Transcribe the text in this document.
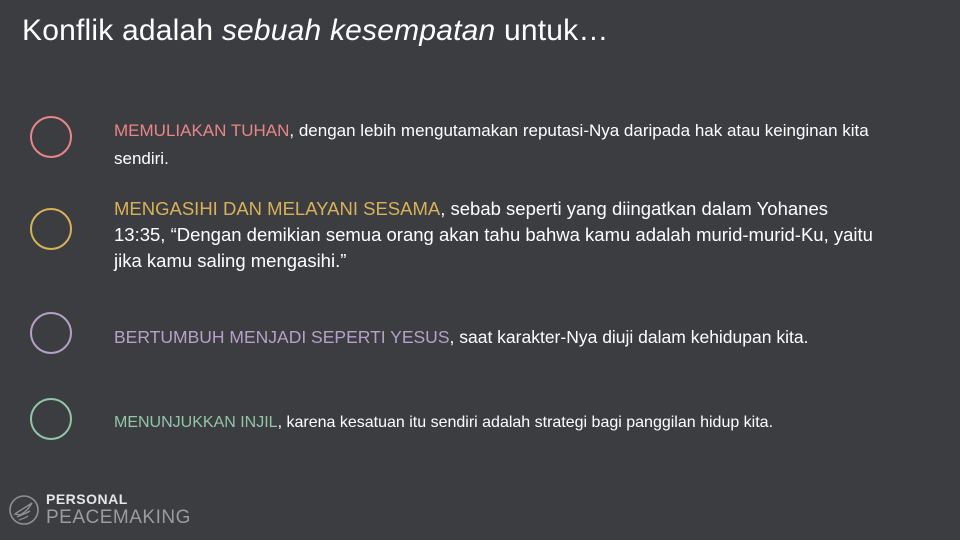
Konflik adalah sebuah kesempatan untuk…
MEMULIAKAN TUHAN, dengan lebih mengutamakan reputasi-Nya daripada hak atau keinginan kita sendiri.
MENGASIHI DAN MELAYANI SESAMA, sebab seperti yang diingatkan dalam Yohanes 13:35, “Dengan demikian semua orang akan tahu bahwa kamu adalah murid-murid-Ku, yaitu jika kamu saling mengasihi.”
BERTUMBUH MENJADI SEPERTI YESUS, saat karakter-Nya diuji dalam kehidupan kita.
MENUNJUKKAN INJIL, karena kesatuan itu sendiri adalah strategi bagi panggilan hidup kita.
PERSONAL
PEACEMAKING
